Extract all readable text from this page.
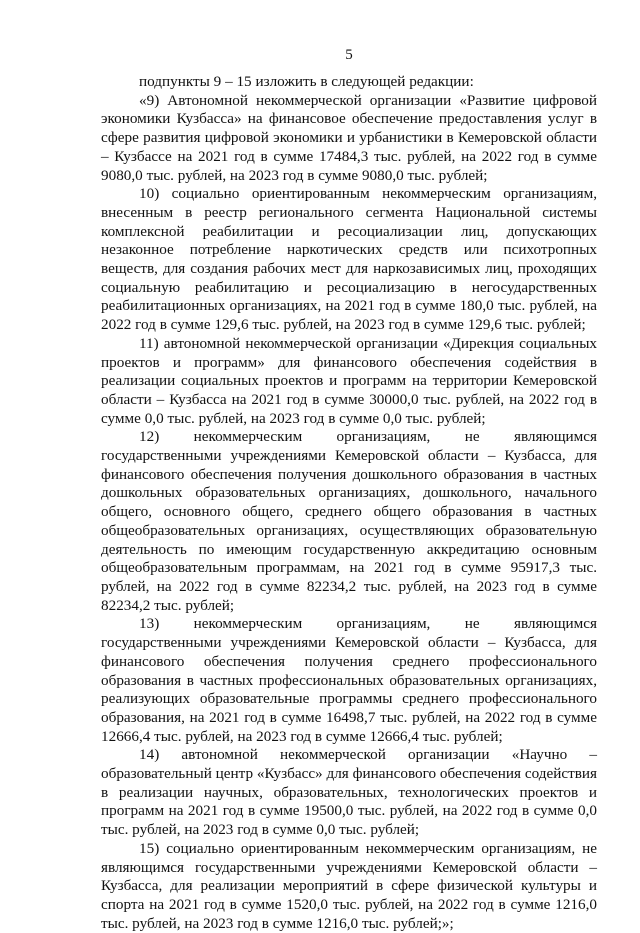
5

подпункты 9 – 15 изложить в следующей редакции:

«9) Автономной некоммерческой организации «Развитие цифровой экономики Кузбасса» на финансовое обеспечение предоставления услуг в сфере развития цифровой экономики и урбанистики в Кемеровской области – Кузбассе на 2021 год в сумме 17484,3 тыс. рублей, на 2022 год в сумме 9080,0 тыс. рублей, на 2023 год в сумме 9080,0 тыс. рублей;

10) социально ориентированным некоммерческим организациям, внесенным в реестр регионального сегмента Национальной системы комплексной реабилитации и ресоциализации лиц, допускающих незаконное потребление наркотических средств или психотропных веществ, для создания рабочих мест для наркозависимых лиц, проходящих социальную реабилитацию и ресоциализацию в негосударственных реабилитационных организациях, на 2021 год в сумме 180,0 тыс. рублей, на 2022 год в сумме 129,6 тыс. рублей, на 2023 год в сумме 129,6 тыс. рублей;

11) автономной некоммерческой организации «Дирекция социальных проектов и программ» для финансового обеспечения содействия в реализации социальных проектов и программ на территории Кемеровской области – Кузбасса на 2021 год в сумме 30000,0 тыс. рублей, на 2022 год в сумме 0,0 тыс. рублей, на 2023 год в сумме 0,0 тыс. рублей;

12) некоммерческим организациям, не являющимся государственными учреждениями Кемеровской области – Кузбасса, для финансового обеспечения получения дошкольного образования в частных дошкольных образовательных организациях, дошкольного, начального общего, основного общего, среднего общего образования в частных общеобразовательных организациях, осуществляющих образовательную деятельность по имеющим государственную аккредитацию основным общеобразовательным программам, на 2021 год в сумме 95917,3 тыс. рублей, на 2022 год в сумме 82234,2 тыс. рублей, на 2023 год в сумме 82234,2 тыс. рублей;

13) некоммерческим организациям, не являющимся государственными учреждениями Кемеровской области – Кузбасса, для финансового обеспечения получения среднего профессионального образования в частных профессиональных образовательных организациях, реализующих образовательные программы среднего профессионального образования, на 2021 год в сумме 16498,7 тыс. рублей, на 2022 год в сумме 12666,4 тыс. рублей, на 2023 год в сумме 12666,4 тыс. рублей;

14) автономной некоммерческой организации «Научно – образовательный центр «Кузбасс» для финансового обеспечения содействия в реализации научных, образовательных, технологических проектов и программ на 2021 год в сумме 19500,0 тыс. рублей, на 2022 год в сумме 0,0 тыс. рублей, на 2023 год в сумме 0,0 тыс. рублей;

15) социально ориентированным некоммерческим организациям, не являющимся государственными учреждениями Кемеровской области – Кузбасса, для реализации мероприятий в сфере физической культуры и спорта на 2021 год в сумме 1520,0 тыс. рублей, на 2022 год в сумме 1216,0 тыс. рублей, на 2023 год в сумме 1216,0 тыс. рублей;»;
